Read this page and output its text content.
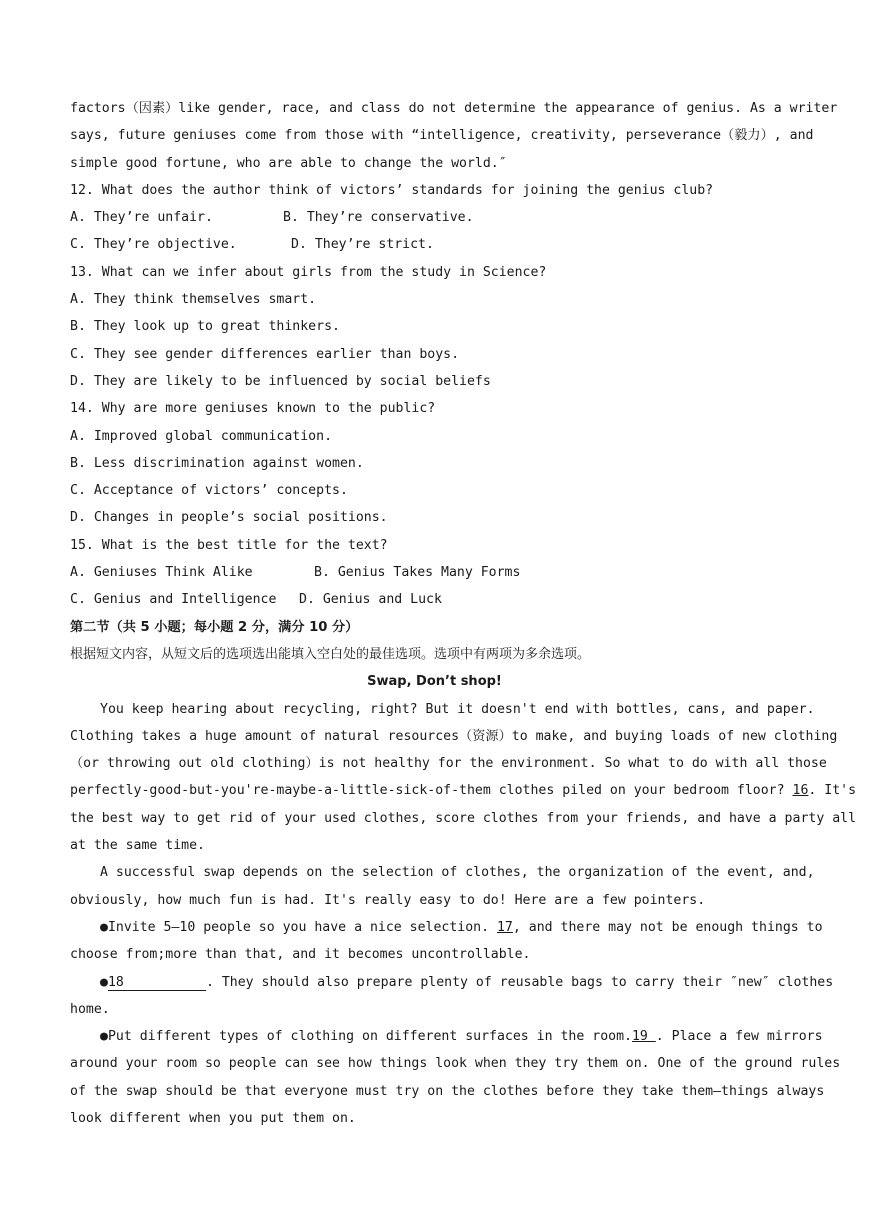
factors（因素）like gender, race, and class do not determine the appearance of genius. As a writer
says, future geniuses come from those with “intelligence, creativity, perseverance（毅力）, and
simple good fortune, who are able to change the world.″
12. What does the author think of victors’ standards for joining the genius club?
A. They’re unfair.	B. They’re conservative.
C. They’re objective.	D. They’re strict.
13. What can we infer about girls from the study in Science?
A. They think themselves smart.
B. They look up to great thinkers.
C. They see gender differences earlier than boys.
D. They are likely to be influenced by social beliefs
14. Why are more geniuses known to the public?
A. Improved global communication.
B. Less discrimination against women.
C. Acceptance of victors’ concepts.
D. Changes in people’s social positions.
15. What is the best title for the text?
A. Geniuses Think Alike	B. Genius Takes Many Forms
C. Genius and Intelligence	D. Genius and Luck
第二节（共 5 小题；每小题 2 分，满分 10 分）
根据短文内容，从短文后的选项选出能填入空白处的最佳选项。选项中有两项为多余选项。
Swap, Don’t shop!
You keep hearing about recycling, right? But it doesn't end with bottles, cans, and paper.
Clothing takes a huge amount of natural resources（资源）to make, and buying loads of new clothing
（or throwing out old clothing）is not healthy for the environment. So what to do with all those
perfectly-good-but-you're-maybe-a-little-sick-of-them clothes piled on your bedroom floor? 16. It's
the best way to get rid of your used clothes, score clothes from your friends, and have a party all
at the same time.
A successful swap depends on the selection of clothes, the organization of the event, and,
obviously, how much fun is had. It's really easy to do! Here are a few pointers.
●Invite 5—10 people so you have a nice selection. 17, and there may not be enough things to
choose from;more than that, and it becomes uncontrollable.
●18	. They should also prepare plenty of reusable bags to carry their ″new″ clothes
home.
●Put different types of clothing on different surfaces in the room.19 . Place a few mirrors
around your room so people can see how things look when they try them on. One of the ground rules
of the swap should be that everyone must try on the clothes before they take them—things always
look different when you put them on.
